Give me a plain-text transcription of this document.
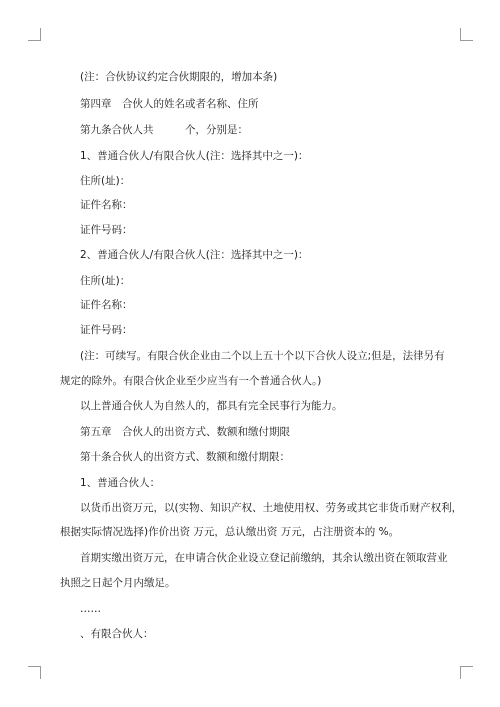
(注：合伙协议约定合伙期限的，增加本条)
第四章　合伙人的姓名或者名称、住所
第九条合伙人共　　　个，分别是：
1、普通合伙人/有限合伙人(注：选择其中之一)：
住所(址)：
证件名称：
证件号码：
2、普通合伙人/有限合伙人(注：选择其中之一)：
住所(址)：
证件名称：
证件号码：
(注：可续写。有限合伙企业由二个以上五十个以下合伙人设立;但是，法律另有
规定的除外。有限合伙企业至少应当有一个普通合伙人。)
以上普通合伙人为自然人的，都具有完全民事行为能力。
第五章　合伙人的出资方式、数额和缴付期限
第十条合伙人的出资方式、数额和缴付期限：
1、普通合伙人：
以货币出资万元，以(实物、知识产权、土地使用权、劳务或其它非货币财产权利，
根据实际情况选择)作价出资 万元，总认缴出资 万元，占注册资本的 %。
首期实缴出资万元，在申请合伙企业设立登记前缴纳，其余认缴出资在领取营业
执照之日起个月内缴足。
……
、有限合伙人：
